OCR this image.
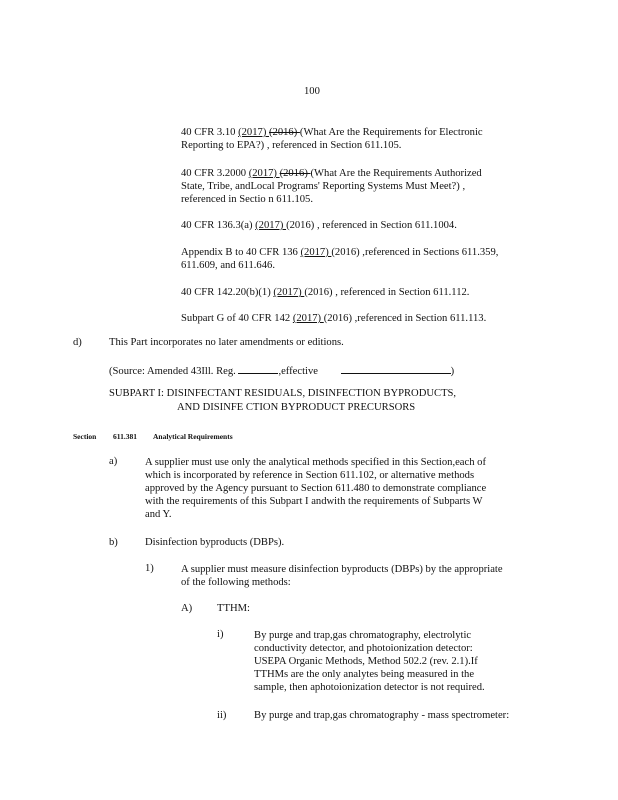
100
40 CFR 3.10 (2017) (2016) (What Are the Requirements for Electronic
Reporting to EPA?) , referenced in Section 611.105.
40 CFR 3.2000 (2017) (2016) (What Are the Requirements Authorized
State, Tribe, andLocal Programs' Reporting Systems Must Meet?) ,
referenced in Sectio n 611.105.
40 CFR 136.3(a) (2017) (2016) , referenced in Section 611.1004.
Appendix B to 40 CFR 136 (2017) (2016) ,referenced in Sections 611.359,
611.609, and 611.646.
40 CFR 142.20(b)(1) (2017) (2016) , referenced in Section 611.112.
Subpart G of 40 CFR 142 (2017) (2016) ,referenced in Section 611.113.
d)	This Part incorporates no later amendments or editions.
(Source: Amended 43Ill. Reg.	,effective	)
SUBPART I: DISINFECTANT RESIDUALS, DISINFECTION BYPRODUCTS,
AND DISINFE CTION BYPRODUCT PRECURSORS
Section 611.381 Analytical Requirements
a)	A supplier must use only the analytical methods specified in this Section,each of
which is incorporated by reference in Section 611.102, or alternative methods
approved by the Agency pursuant to Section 611.480 to demonstrate compliance
with the requirements of this Subpart I andwith the requirements of Subparts W
and Y.
b)	Disinfection byproducts (DBPs).
1)	A supplier must measure disinfection byproducts (DBPs) by the appropriate
of the following methods:
A) TTHM:
i)	By purge and trap,gas chromatography, electrolytic
conductivity detector, and photoionization detector:
USEPA Organic Methods, Method 502.2 (rev. 2.1).If
TTHMs are the only analytes being measured in the
sample, then aphotoionization detector is not required.
ii)	By purge and trap,gas chromatography - mass spectrometer:
